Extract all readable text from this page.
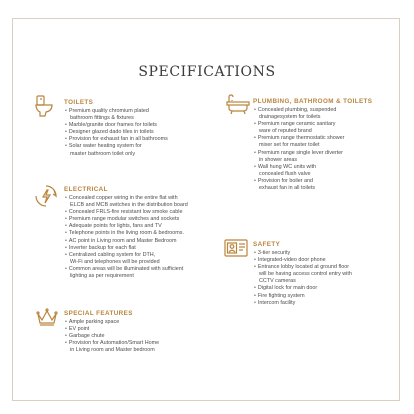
SPECIFICATIONS
TOILETS
• Premium quality chromium plated
bathroom fittings & fixtures
• Marble/granite door frames for toilets
• Designer glazed dado tiles in toilets
• Provision for exhaust fan in all bathrooms
• Solar water heating system for
master bathroom toilet only
PLUMBING, BATHROOM & TOILETS
• Concealed plumbing, suspended
drainagesystem for toilets
• Premium range ceramic sanitary
ware of reputed brand
• Premium range thermostatic shower
mixer set for master toilet
• Premium range single lever diverter
in shower areas
• Wall hung WC units with
concealed flush valve
• Provision for boiler and
exhaust fan in all toilets
ELECTRICAL
• Concealed copper wiring in the entire flat with
ELCB and MCB switches in the distribution board
• Concealed FRLS-fire resistant low smoke cable
• Premium range modular switches and sockets
• Adequate points for lights, fans and TV
• Telephone points in the living room & bedrooms.
• AC point in Living room and Master Bedroom
• Inverter backup for each flat
• Centralized cabling system for DTH,
Wi-Fi and telephones will be provided
• Common areas will be illuminated with sufficient
lighting as per requirement
SAFETY
• 3-tier security
• Integrated-video door phone
• Entrance lobby located at ground floor
will be having access control entry with
CCTV cameras
• Digital lock for main door
• Fire fighting system
• Intercom facility
SPECIAL FEATURES
• Ample parking space
• EV point
• Garbage chute
• Provision for Automation/Smart Home
in Living room and Master bedroom
